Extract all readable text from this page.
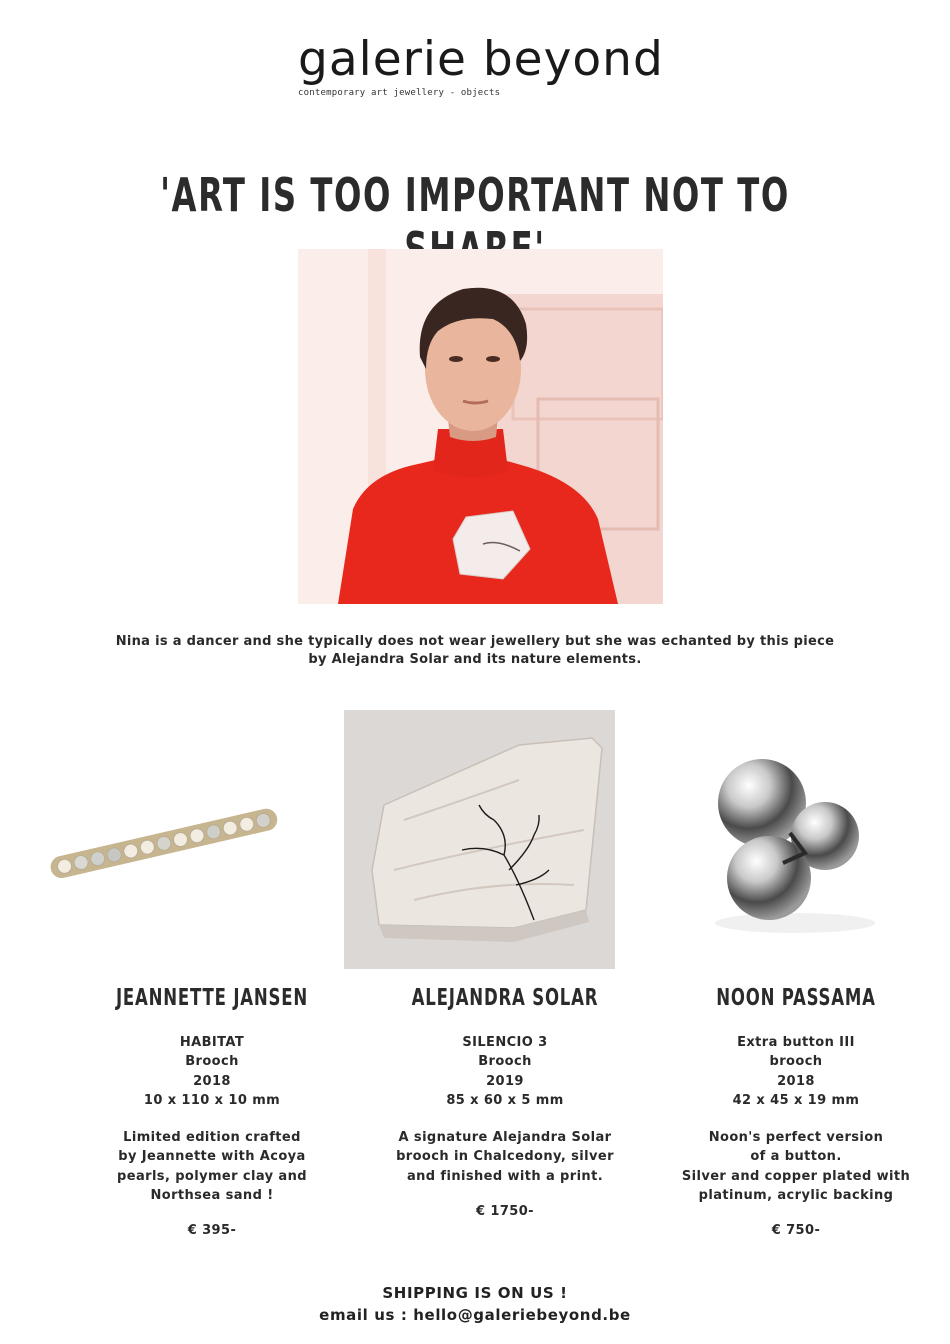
galerie beyond
contemporary art jewellery - objects
'ART IS TOO IMPORTANT NOT TO
Nina is a dancer and she typically does not wear jewellery but she was echanted by this piece
by Alejandra Solar and its nature elements.
JEANNETTE JANSEN
HABITAT
Brooch
2018
10 x 110 x 10 mm
Limited edition crafted
by Jeannette with Acoya
pearls, polymer clay and
Northsea sand !
€ 395-
ALEJANDRA SOLAR
SILENCIO 3
Brooch
2019
85 x 60 x 5 mm
A signature Alejandra Solar
brooch in Chalcedony, silver
and finished with a print.
€ 1750-
NOON PASSAMA
Extra button III
brooch
2018
42 x 45 x 19 mm
Noon's perfect version
of a button.
Silver and copper plated with
platinum, acrylic backing
€ 750-
SHIPPING IS ON US !
email us : hello@galeriebeyond.be
